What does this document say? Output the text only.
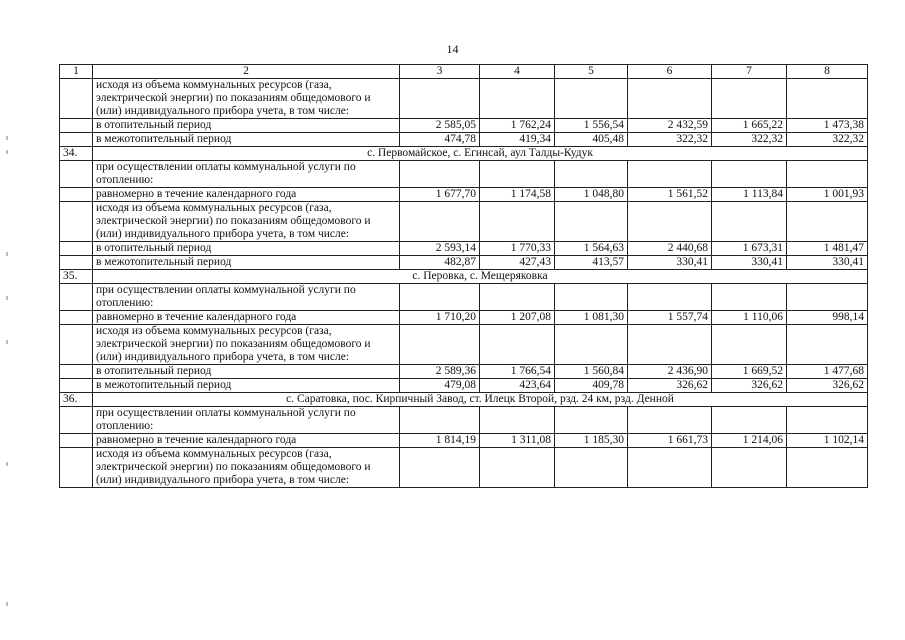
14
1	2	3	4	5	6	7	8
	исходя из объема коммунальных ресурсов (газа, электрической энергии) по показаниям общедомового и (или) индивидуального прибора учета, в том числе:						
	в отопительный период	2 585,05	1 762,24	1 556,54	2 432,59	1 665,22	1 473,38
	в межотопительный период	474,78	419,34	405,48	322,32	322,32	322,32
34.	с. Первомайское, с. Егинсай, аул Талды-Кудук						
	при осуществлении оплаты коммунальной услуги по отоплению:						
	равномерно в течение календарного года	1 677,70	1 174,58	1 048,80	1 561,52	1 113,84	1 001,93
	исходя из объема коммунальных ресурсов (газа, электрической энергии) по показаниям общедомового и (или) индивидуального прибора учета, в том числе:						
	в отопительный период	2 593,14	1 770,33	1 564,63	2 440,68	1 673,31	1 481,47
	в межотопительный период	482,87	427,43	413,57	330,41	330,41	330,41
35.	с. Перовка, с. Мещеряковка						
	при осуществлении оплаты коммунальной услуги по отоплению:						
	равномерно в течение календарного года	1 710,20	1 207,08	1 081,30	1 557,74	1 110,06	998,14
	исходя из объема коммунальных ресурсов (газа, электрической энергии) по показаниям общедомового и (или) индивидуального прибора учета, в том числе:						
	в отопительный период	2 589,36	1 766,54	1 560,84	2 436,90	1 669,52	1 477,68
	в межотопительный период	479,08	423,64	409,78	326,62	326,62	326,62
36.	с. Саратовка, пос. Кирпичный Завод, ст. Илецк Второй, рзд. 24 км, рзд. Денной						
	при осуществлении оплаты коммунальной услуги по отоплению:						
	равномерно в течение календарного года	1 814,19	1 311,08	1 185,30	1 661,73	1 214,06	1 102,14
	исходя из объема коммунальных ресурсов (газа, электрической энергии) по показаниям общедомового и (или) индивидуального прибора учета, в том числе:						
